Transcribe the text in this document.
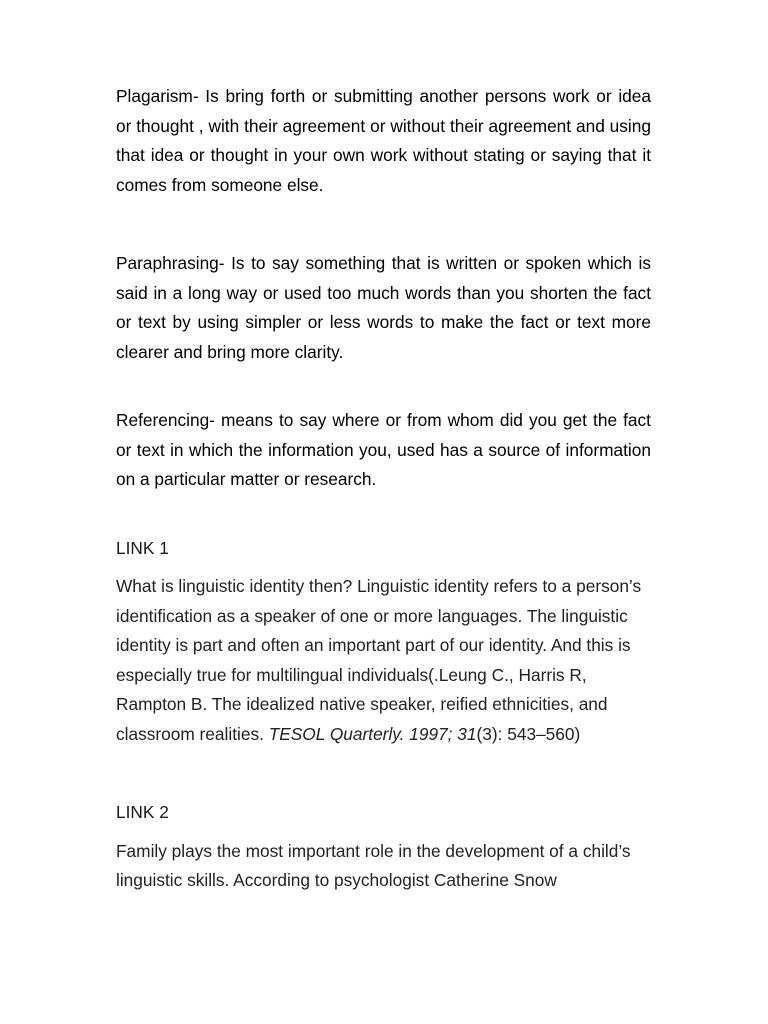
Plagarism- Is bring forth or submitting another persons work or idea or thought , with their agreement or without their agreement and using that idea or thought in your own work without stating or saying that it comes from someone else.

Paraphrasing- Is to say something that is written or spoken which is said in a long way or used too much words than you shorten the fact or text by using simpler or less words to make the fact or text more clearer and bring more clarity.

Referencing- means to say where or from whom did you get the fact or text in which the information you, used has a source of information on a particular matter or research.

LINK 1

What is linguistic identity then? Linguistic identity refers to a person’s identification as a speaker of one or more languages. The linguistic identity is part and often an important part of our identity. And this is especially true for multilingual individuals(.Leung C., Harris R, Rampton B. The idealized native speaker, reified ethnicities, and classroom realities. TESOL Quarterly. 1997; 31(3): 543–560)

LINK 2

Family plays the most important role in the development of a child’s linguistic skills. According to psychologist Catherine Snow
